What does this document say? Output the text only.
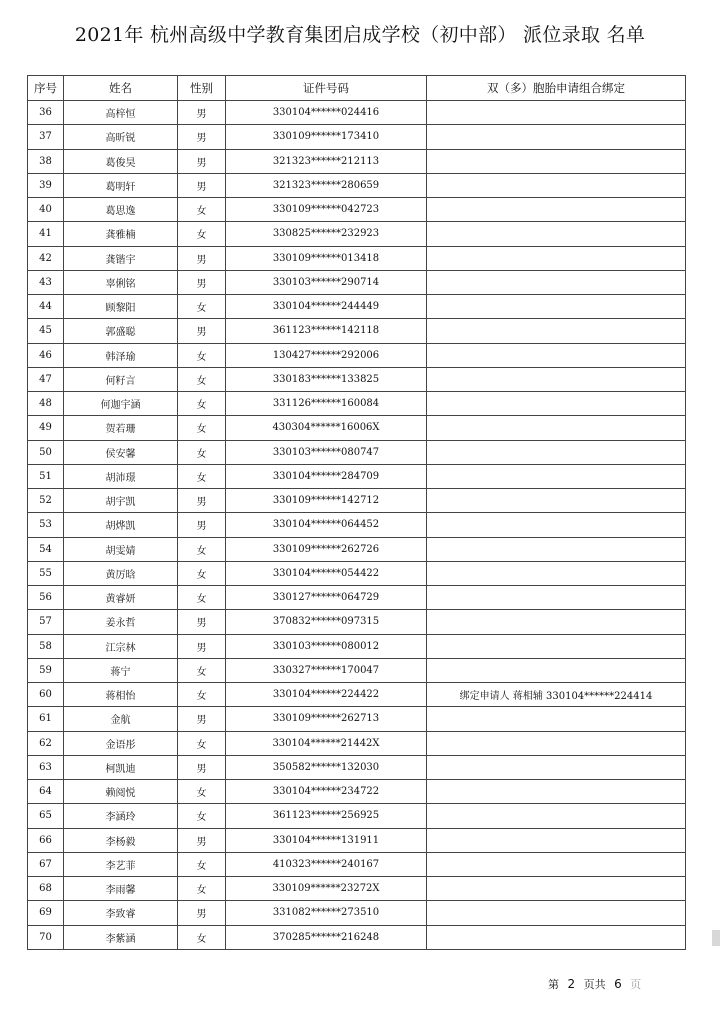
2021年 杭州高级中学教育集团启成学校（初中部） 派位录取 名单
序号	姓名	性别	证件号码	双（多）胞胎申请组合绑定
36	高梓恒	男	330104******024416	
37	高昕锐	男	330109******173410	
38	葛俊昊	男	321323******212113	
39	葛明轩	男	321323******280659	
40	葛思逸	女	330109******042723	
41	龚雅楠	女	330825******232923	
42	龚锴宇	男	330109******013418	
43	辜俐铭	男	330103******290714	
44	顾黎阳	女	330104******244449	
45	郭盛聪	男	361123******142118	
46	韩泽瑜	女	130427******292006	
47	何籽言	女	330183******133825	
48	何迦宇涵	女	331126******160084	
49	贺若珊	女	430304******16006X	
50	侯安馨	女	330103******080747	
51	胡沛璟	女	330104******284709	
52	胡宇凯	男	330109******142712	
53	胡烨凯	男	330104******064452	
54	胡雯婧	女	330109******262726	
55	黄厉晗	女	330104******054422	
56	黄睿妍	女	330127******064729	
57	姜永哲	男	370832******097315	
58	江宗林	男	330103******080012	
59	蒋宁	女	330327******170047	
60	蒋相怡	女	330104******224422	绑定申请人 蒋相辅 330104******224414
61	金航	男	330109******262713	
62	金语彤	女	330104******21442X	
63	柯凯迪	男	350582******132030	
64	赖阅悦	女	330104******234722	
65	李涵玲	女	361123******256925	
66	李杨毅	男	330104******131911	
67	李艺菲	女	410323******240167	
68	李雨馨	女	330109******23272X	
69	李致睿	男	331082******273510	
70	李紫涵	女	370285******216248	
第 2 页共 6 页
